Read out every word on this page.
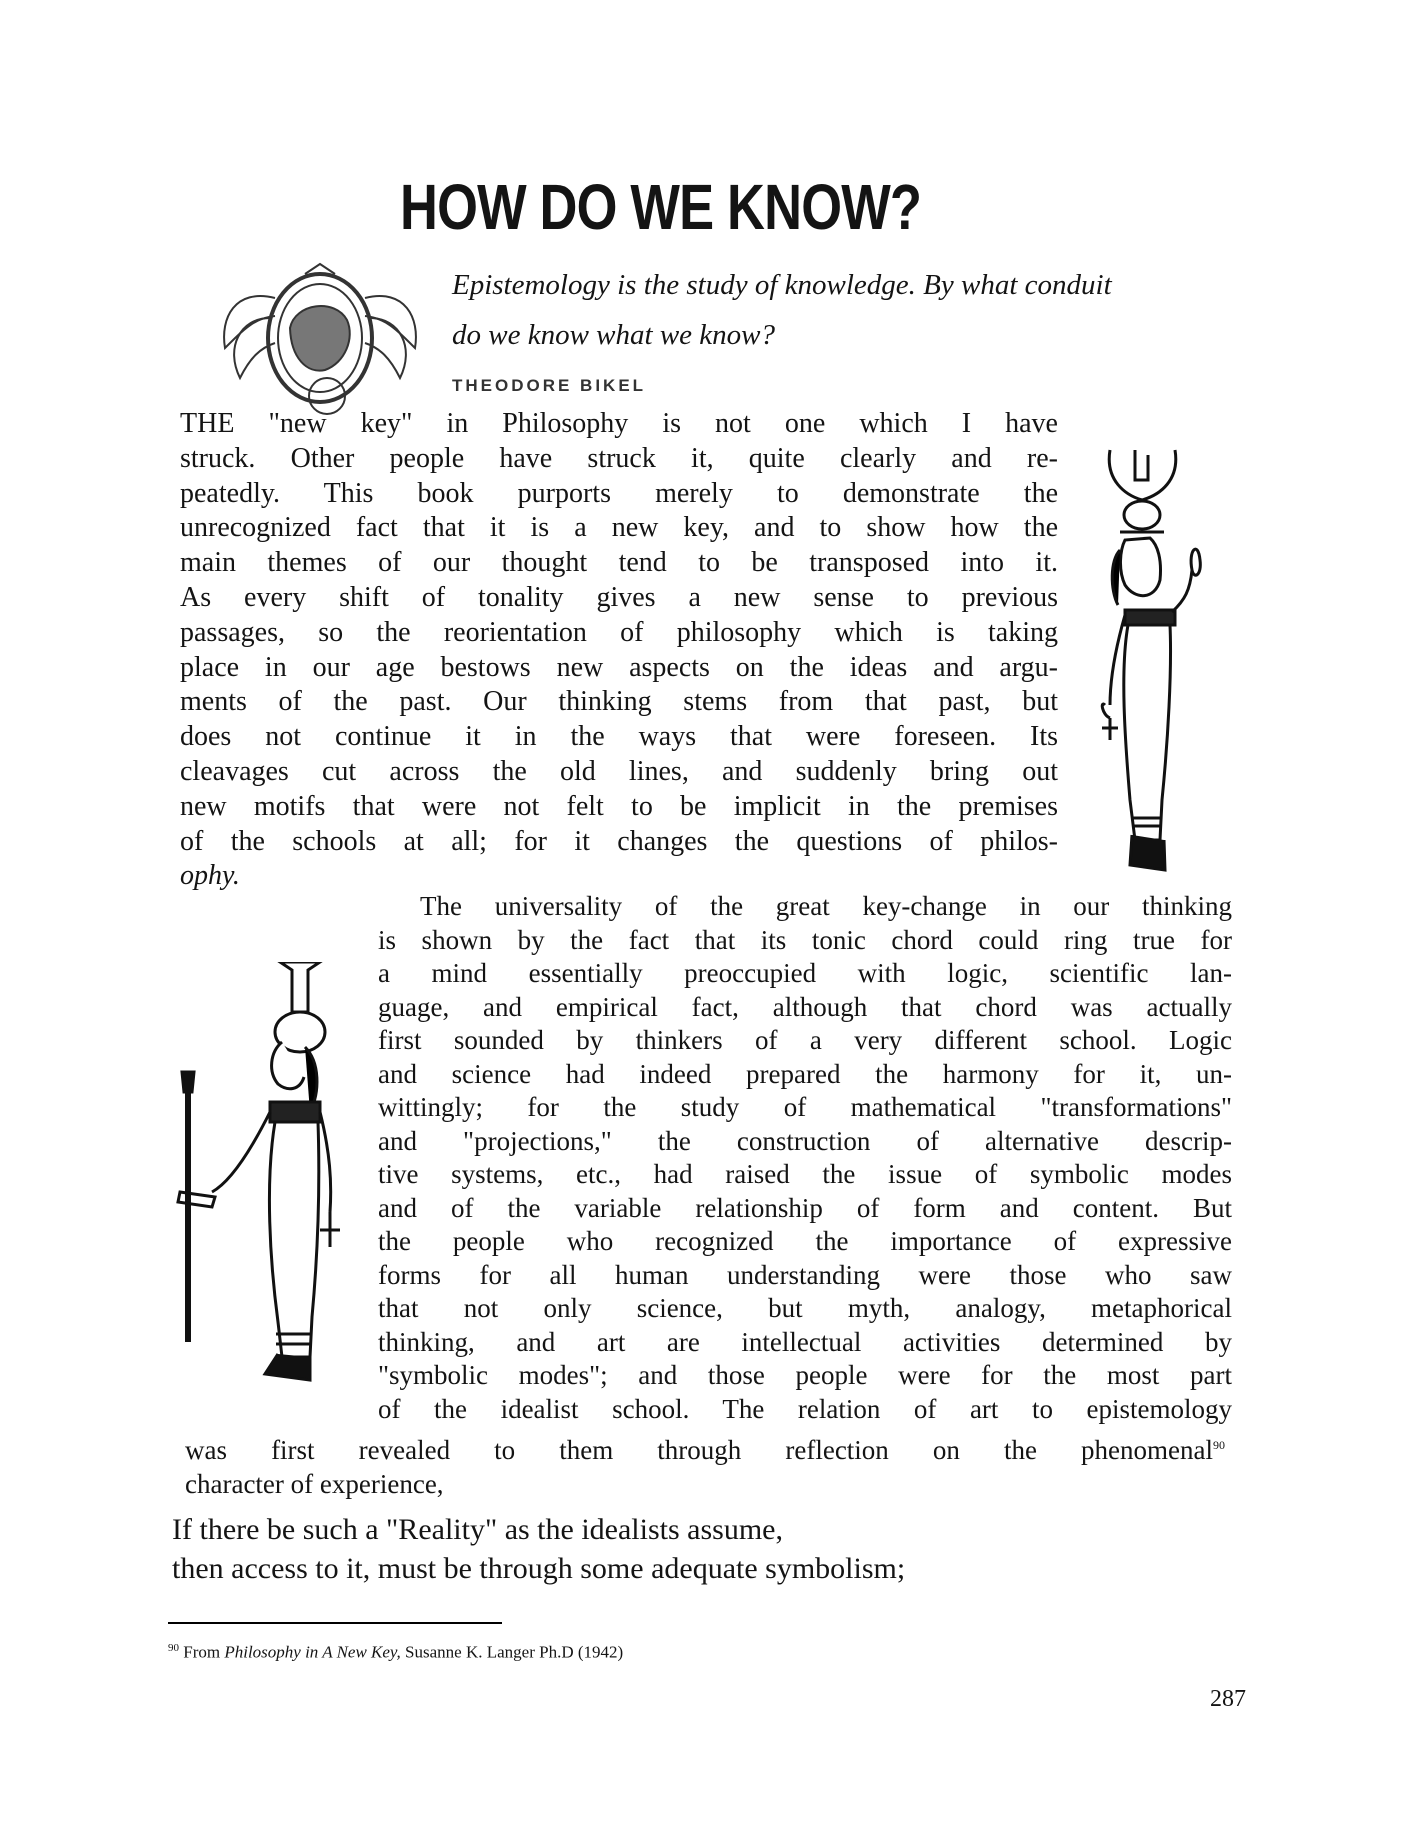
HOW DO WE KNOW?
Epistemology is the study of knowledge. By what conduit
do we know what we know?
THEODORE BIKEL

THE "new key" in Philosophy is not one which I have
struck. Other people have struck it, quite clearly and re-
peatedly. This book purports merely to demonstrate the
unrecognized fact that it is a new key, and to show how the
main themes of our thought tend to be transposed into it.
As every shift of tonality gives a new sense to previous
passages, so the reorientation of philosophy which is taking
place in our age bestows new aspects on the ideas and argu-
ments of the past. Our thinking stems from that past, but
does not continue it in the ways that were foreseen. Its
cleavages cut across the old lines, and suddenly bring out
new motifs that were not felt to be implicit in the premises
of the schools at all; for it changes the questions of philos-
ophy.

The universality of the great key-change in our thinking
is shown by the fact that its tonic chord could ring true for
a mind essentially preoccupied with logic, scientific lan-
guage, and empirical fact, although that chord was actually
first sounded by thinkers of a very different school. Logic
and science had indeed prepared the harmony for it, un-
wittingly; for the study of mathematical "transformations"
and "projections," the construction of alternative descrip-
tive systems, etc., had raised the issue of symbolic modes
and of the variable relationship of form and content. But
the people who recognized the importance of expressive
forms for all human understanding were those who saw
that not only science, but myth, analogy, metaphorical
thinking, and art are intellectual activities determined by
"symbolic modes"; and those people were for the most part
of the idealist school. The relation of art to epistemology

was first revealed to them through reflection on the phenomenal$^{90}$
character of experience,

If there be such a "Reality" as the idealists assume,
then access to it, must be through some adequate symbolism;

$^{90}$ From Philosophy in A New Key, Susanne K. Langer Ph.D (1942)
287
